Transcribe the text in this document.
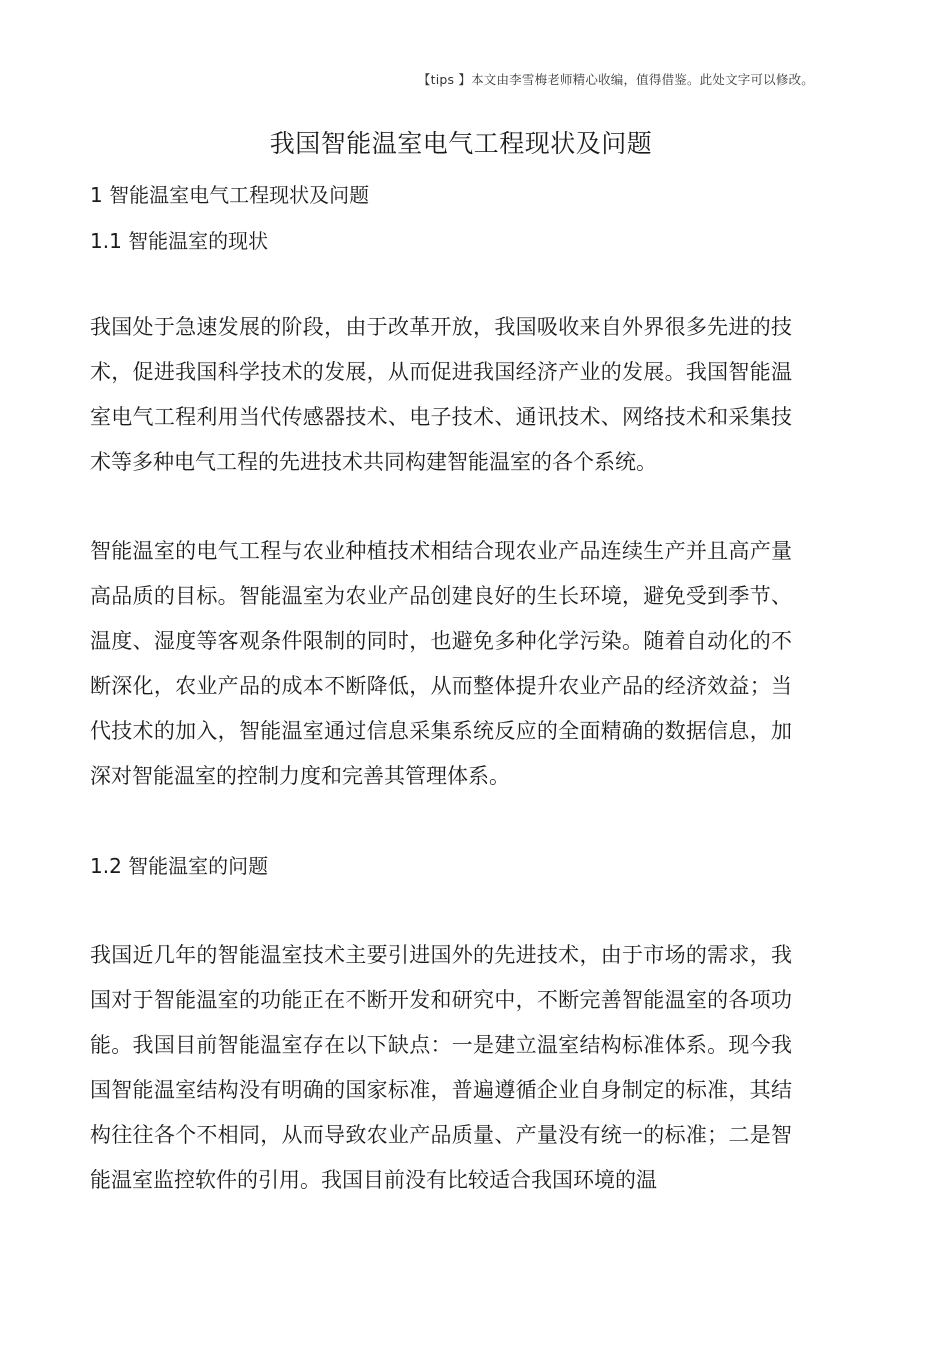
【tips 】本文由李雪梅老师精心收编，值得借鉴。此处文字可以修改。
我国智能温室电气工程现状及问题
1 智能温室电气工程现状及问题
1.1 智能温室的现状

我国处于急速发展的阶段，由于改革开放，我国吸收来自外界很多先进的技术，促进我国科学技术的发展，从而促进我国经济产业的发展。我国智能温室电气工程利用当代传感器技术、电子技术、通讯技术、网络技术和采集技术等多种电气工程的先进技术共同构建智能温室的各个系统。

智能温室的电气工程与农业种植技术相结合现农业产品连续生产并且高产量高品质的目标。智能温室为农业产品创建良好的生长环境，避免受到季节、温度、湿度等客观条件限制的同时，也避免多种化学污染。随着自动化的不断深化，农业产品的成本不断降低，从而整体提升农业产品的经济效益；当代技术的加入，智能温室通过信息采集系统反应的全面精确的数据信息，加深对智能温室的控制力度和完善其管理体系。

1.2 智能温室的问题

我国近几年的智能温室技术主要引进国外的先进技术，由于市场的需求，我国对于智能温室的功能正在不断开发和研究中，不断完善智能温室的各项功能。我国目前智能温室存在以下缺点：一是建立温室结构标准体系。现今我国智能温室结构没有明确的国家标准，普遍遵循企业自身制定的标准，其结构往往各个不相同，从而导致农业产品质量、产量没有统一的标准；二是智能温室监控软件的引用。我国目前没有比较适合我国环境的温
